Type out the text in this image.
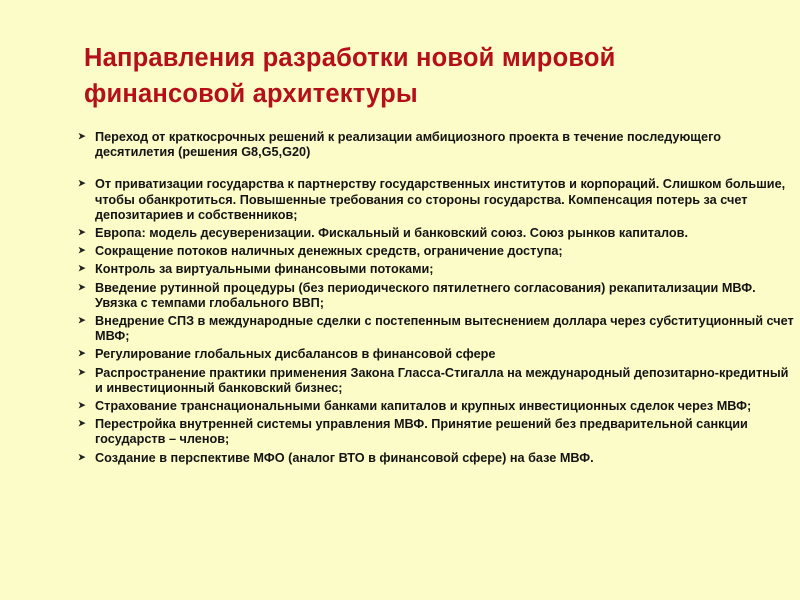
Направления разработки новой мировой финансовой архитектуры
➤ Переход от краткосрочных решений к реализации амбициозного проекта в течение последующего десятилетия (решения G8,G5,G20)
➤ От приватизации государства к партнерству государственных институтов и корпораций. Слишком большие, чтобы обанкротиться. Повышенные требования со стороны государства. Компенсация потерь за счет депозитариев и собственников;
➤ Европа: модель десуверенизации. Фискальный и банковский союз. Союз рынков капиталов.
➤ Сокращение потоков наличных денежных средств, ограничение доступа;
➤ Контроль за виртуальными финансовыми потоками;
➤ Введение рутинной процедуры (без периодического пятилетнего согласования) рекапитализации МВФ. Увязка с темпами глобального ВВП;
➤ Внедрение СПЗ в международные сделки с постепенным вытеснением доллара через субституционный счет МВФ;
➤ Регулирование глобальных дисбалансов в финансовой сфере
➤ Распространение практики применения Закона Гласса-Стигалла на международный депозитарно-кредитный и инвестиционный банковский бизнес;
➤ Страхование транснациональными банками капиталов и крупных инвестиционных сделок через МВФ;
➤ Перестройка внутренней системы управления МВФ. Принятие решений без предварительной санкции государств – членов;
➤ Создание в перспективе МФО (аналог ВТО в финансовой сфере) на базе МВФ.
